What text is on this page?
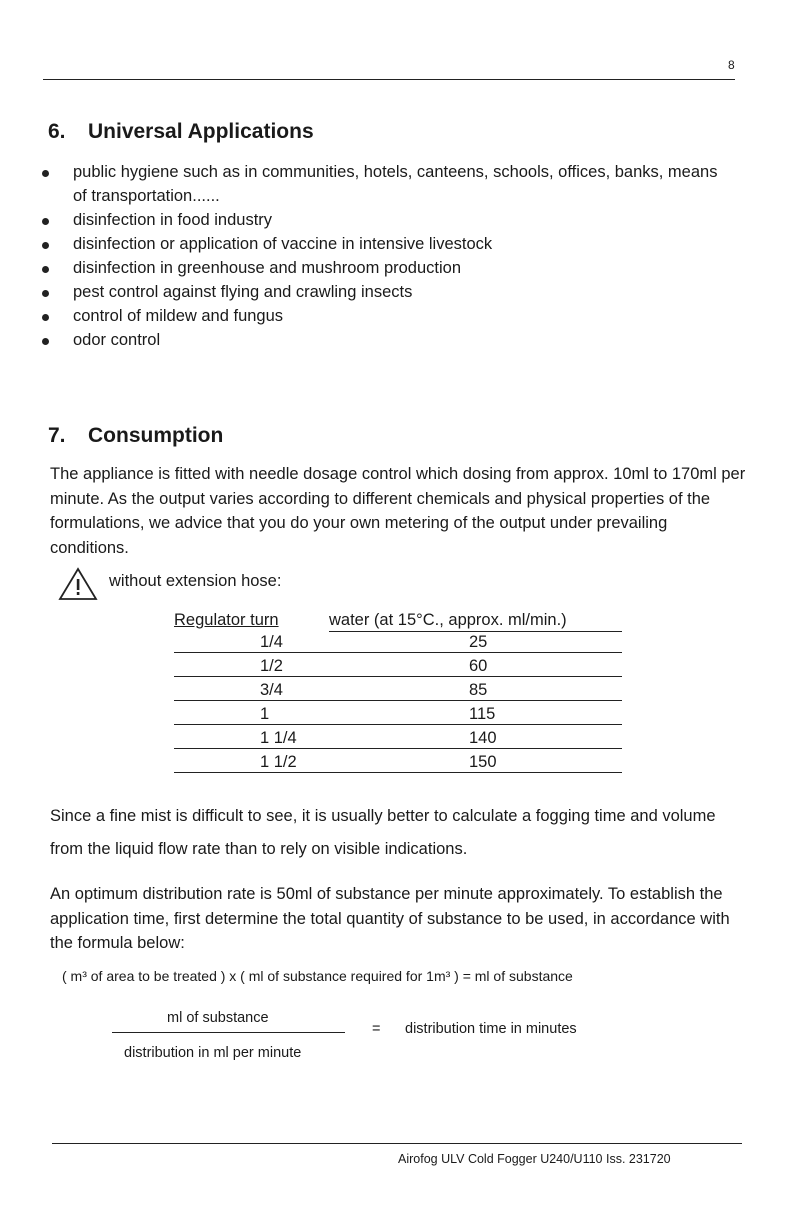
8
6. Universal Applications
public hygiene such as in communities, hotels, canteens, schools, offices, banks, means of transportation......
disinfection in food industry
disinfection or application of vaccine in intensive livestock
disinfection in greenhouse and mushroom production
pest control against flying and crawling insects
control of mildew and fungus
odor control
7. Consumption
The appliance is fitted with needle dosage control which dosing from approx. 10ml to 170ml per minute. As the output varies according to different chemicals and physical properties of the formulations, we advice that you do your own metering of the output under prevailing conditions.
without extension hose:
Regulator turn	water (at 15°C., approx. ml/min.)
1/4	25
1/2	60
3/4	85
1	115
1 1/4	140
1 1/2	150
Since a fine mist is difficult to see, it is usually better to calculate a fogging time and volume from the liquid flow rate than to rely on visible indications.
An optimum distribution rate is 50ml of substance per minute approximately. To establish the application time, first determine the total quantity of substance to be used, in accordance with the formula below:
( m³ of area to be treated ) x ( ml of substance required for 1m³ ) = ml of substance
ml of substance
distribution in ml per minute
= distribution time in minutes
Airofog ULV Cold Fogger U240/U110 Iss. 231720
